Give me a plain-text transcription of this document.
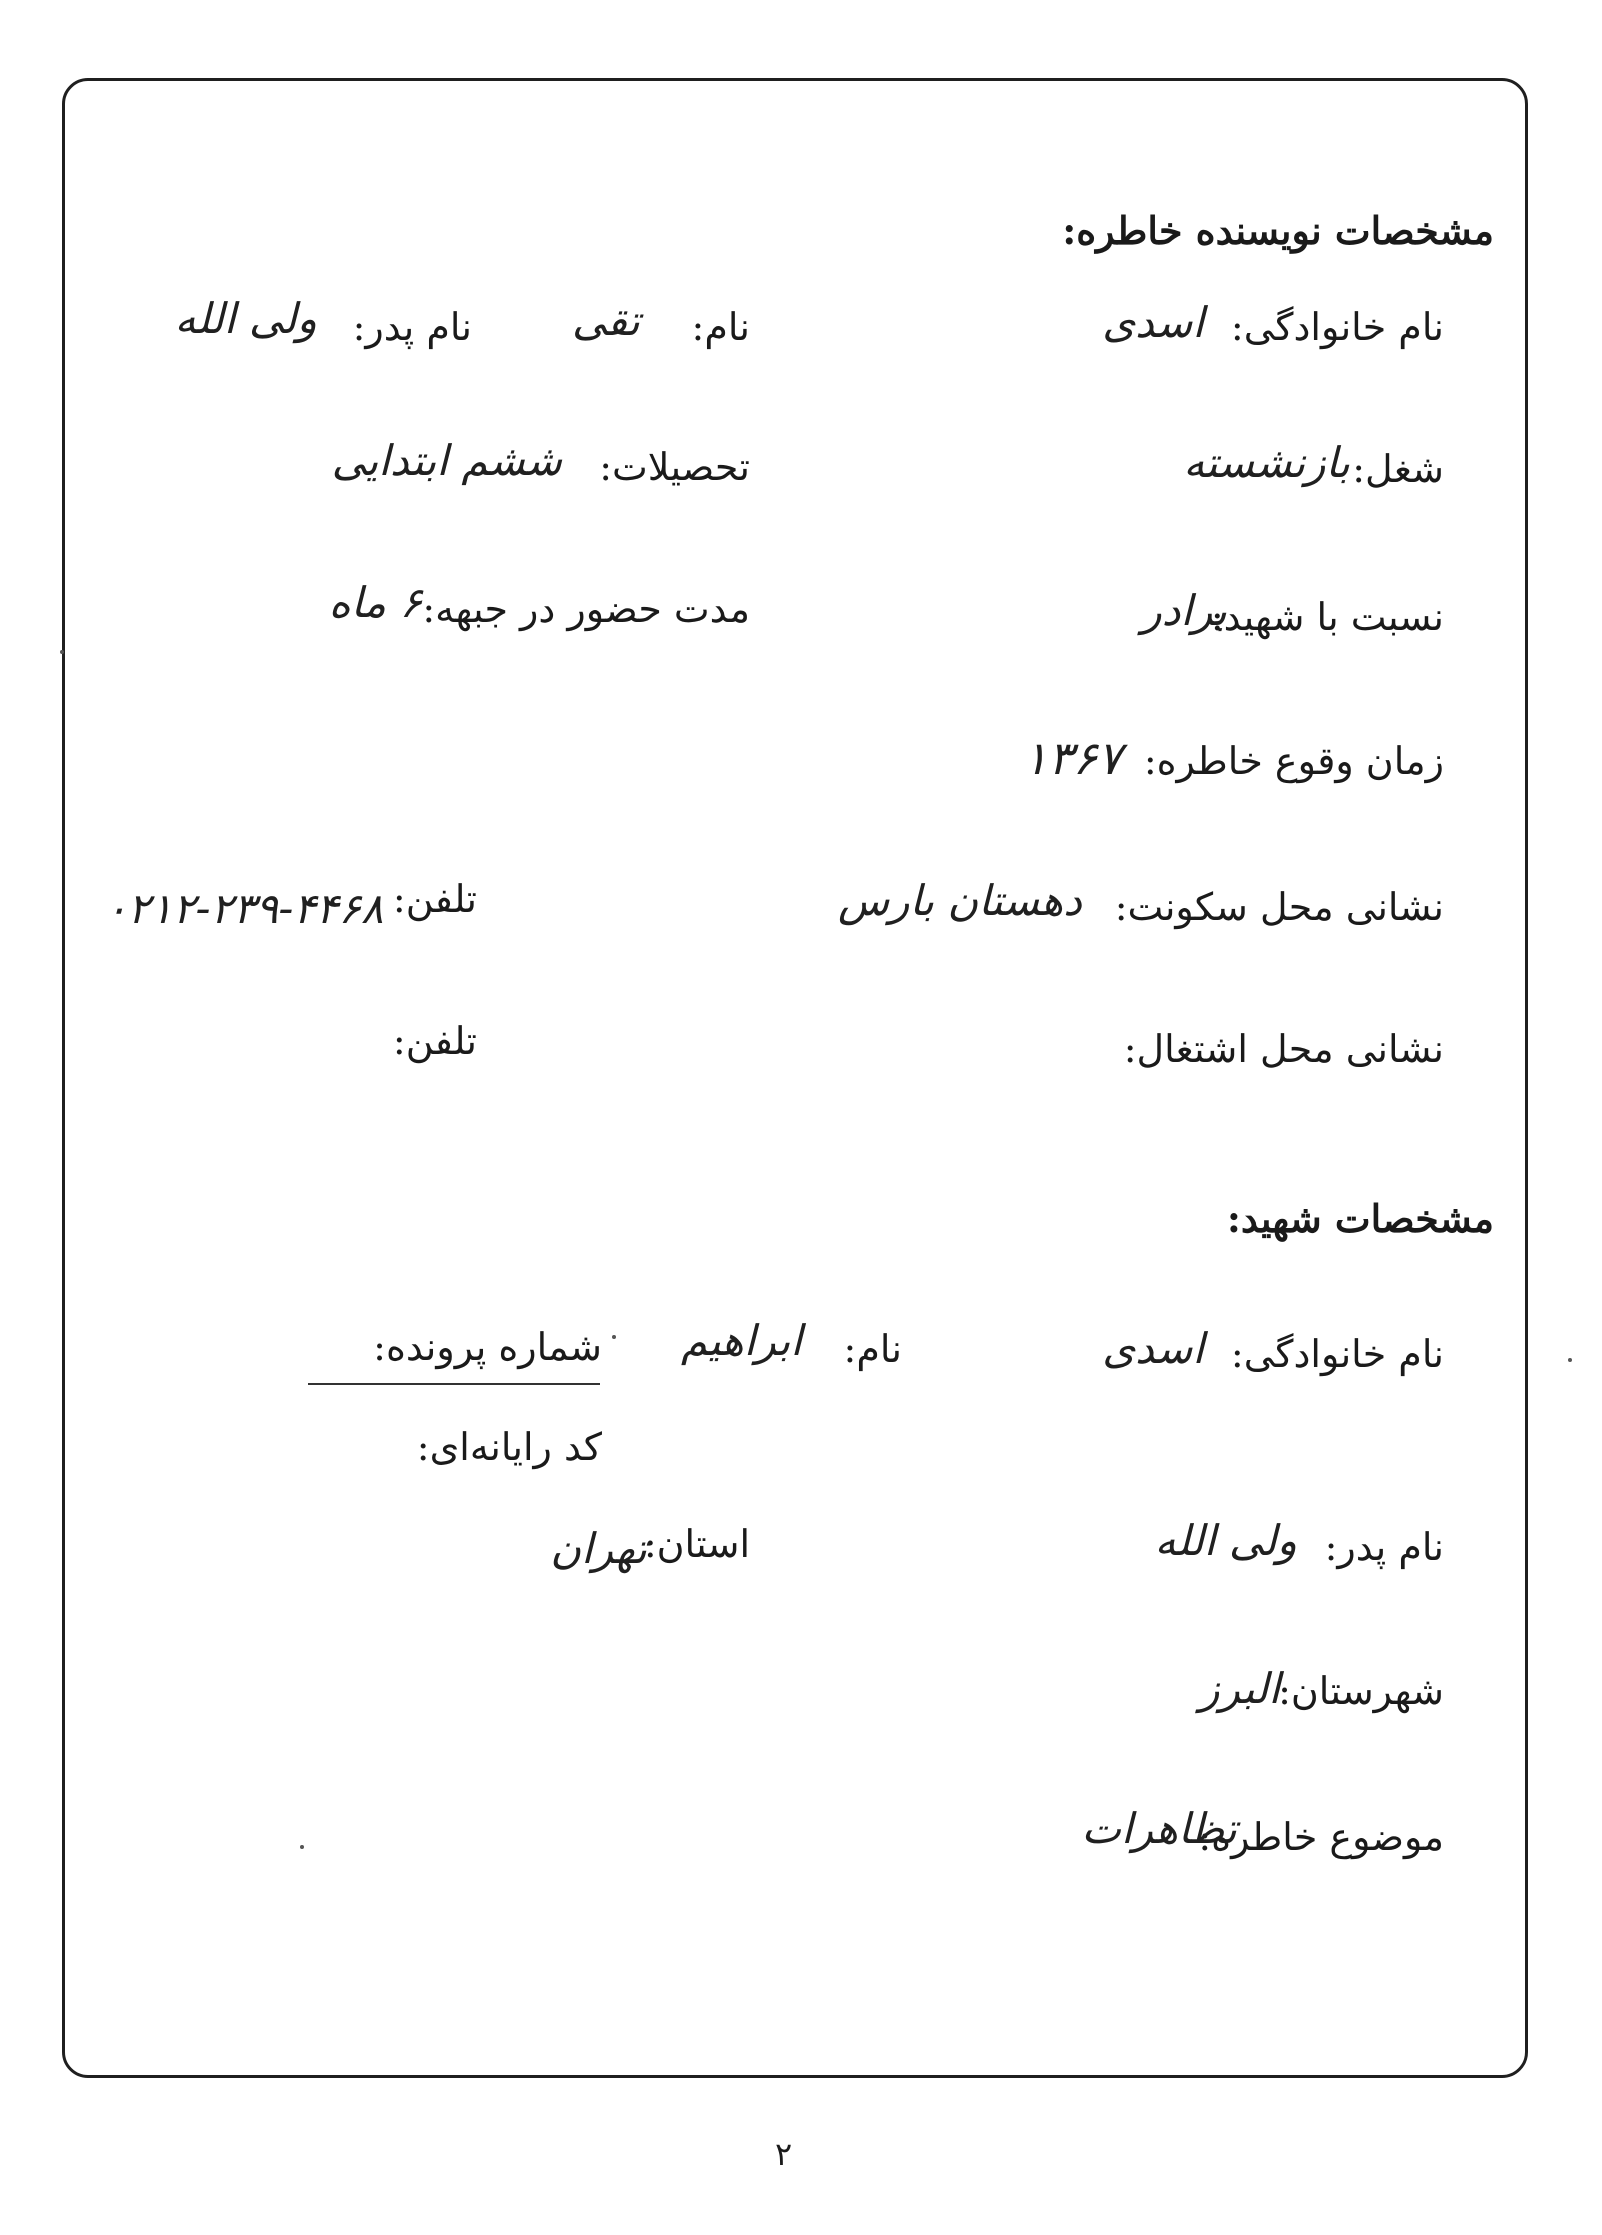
مشخصات نویسنده خاطره:
نام خانوادگی:
اسدی
نام:
تقی
نام پدر:
ولی الله
شغل:
بازنشسته
تحصیلات:
ششم ابتدایی
نسبت با شهید:
برادر
مدت حضور در جبهه:
۶ ماه
زمان وقوع خاطره:
۱۳۶۷
نشانی محل سکونت:
دهستان بارس
تلفن:
۰۲۱۲-۲۳۹-۴۴۶۸
نشانی محل اشتغال:
تلفن:
مشخصات شهید:
نام خانوادگی:
اسدی
نام:
ابراهیم
شماره پرونده:
کد رایانه‌ای:
نام پدر:
ولی الله
استان:
تهران
شهرستان:
البرز
موضوع خاطره:
تظاهرات
۲
